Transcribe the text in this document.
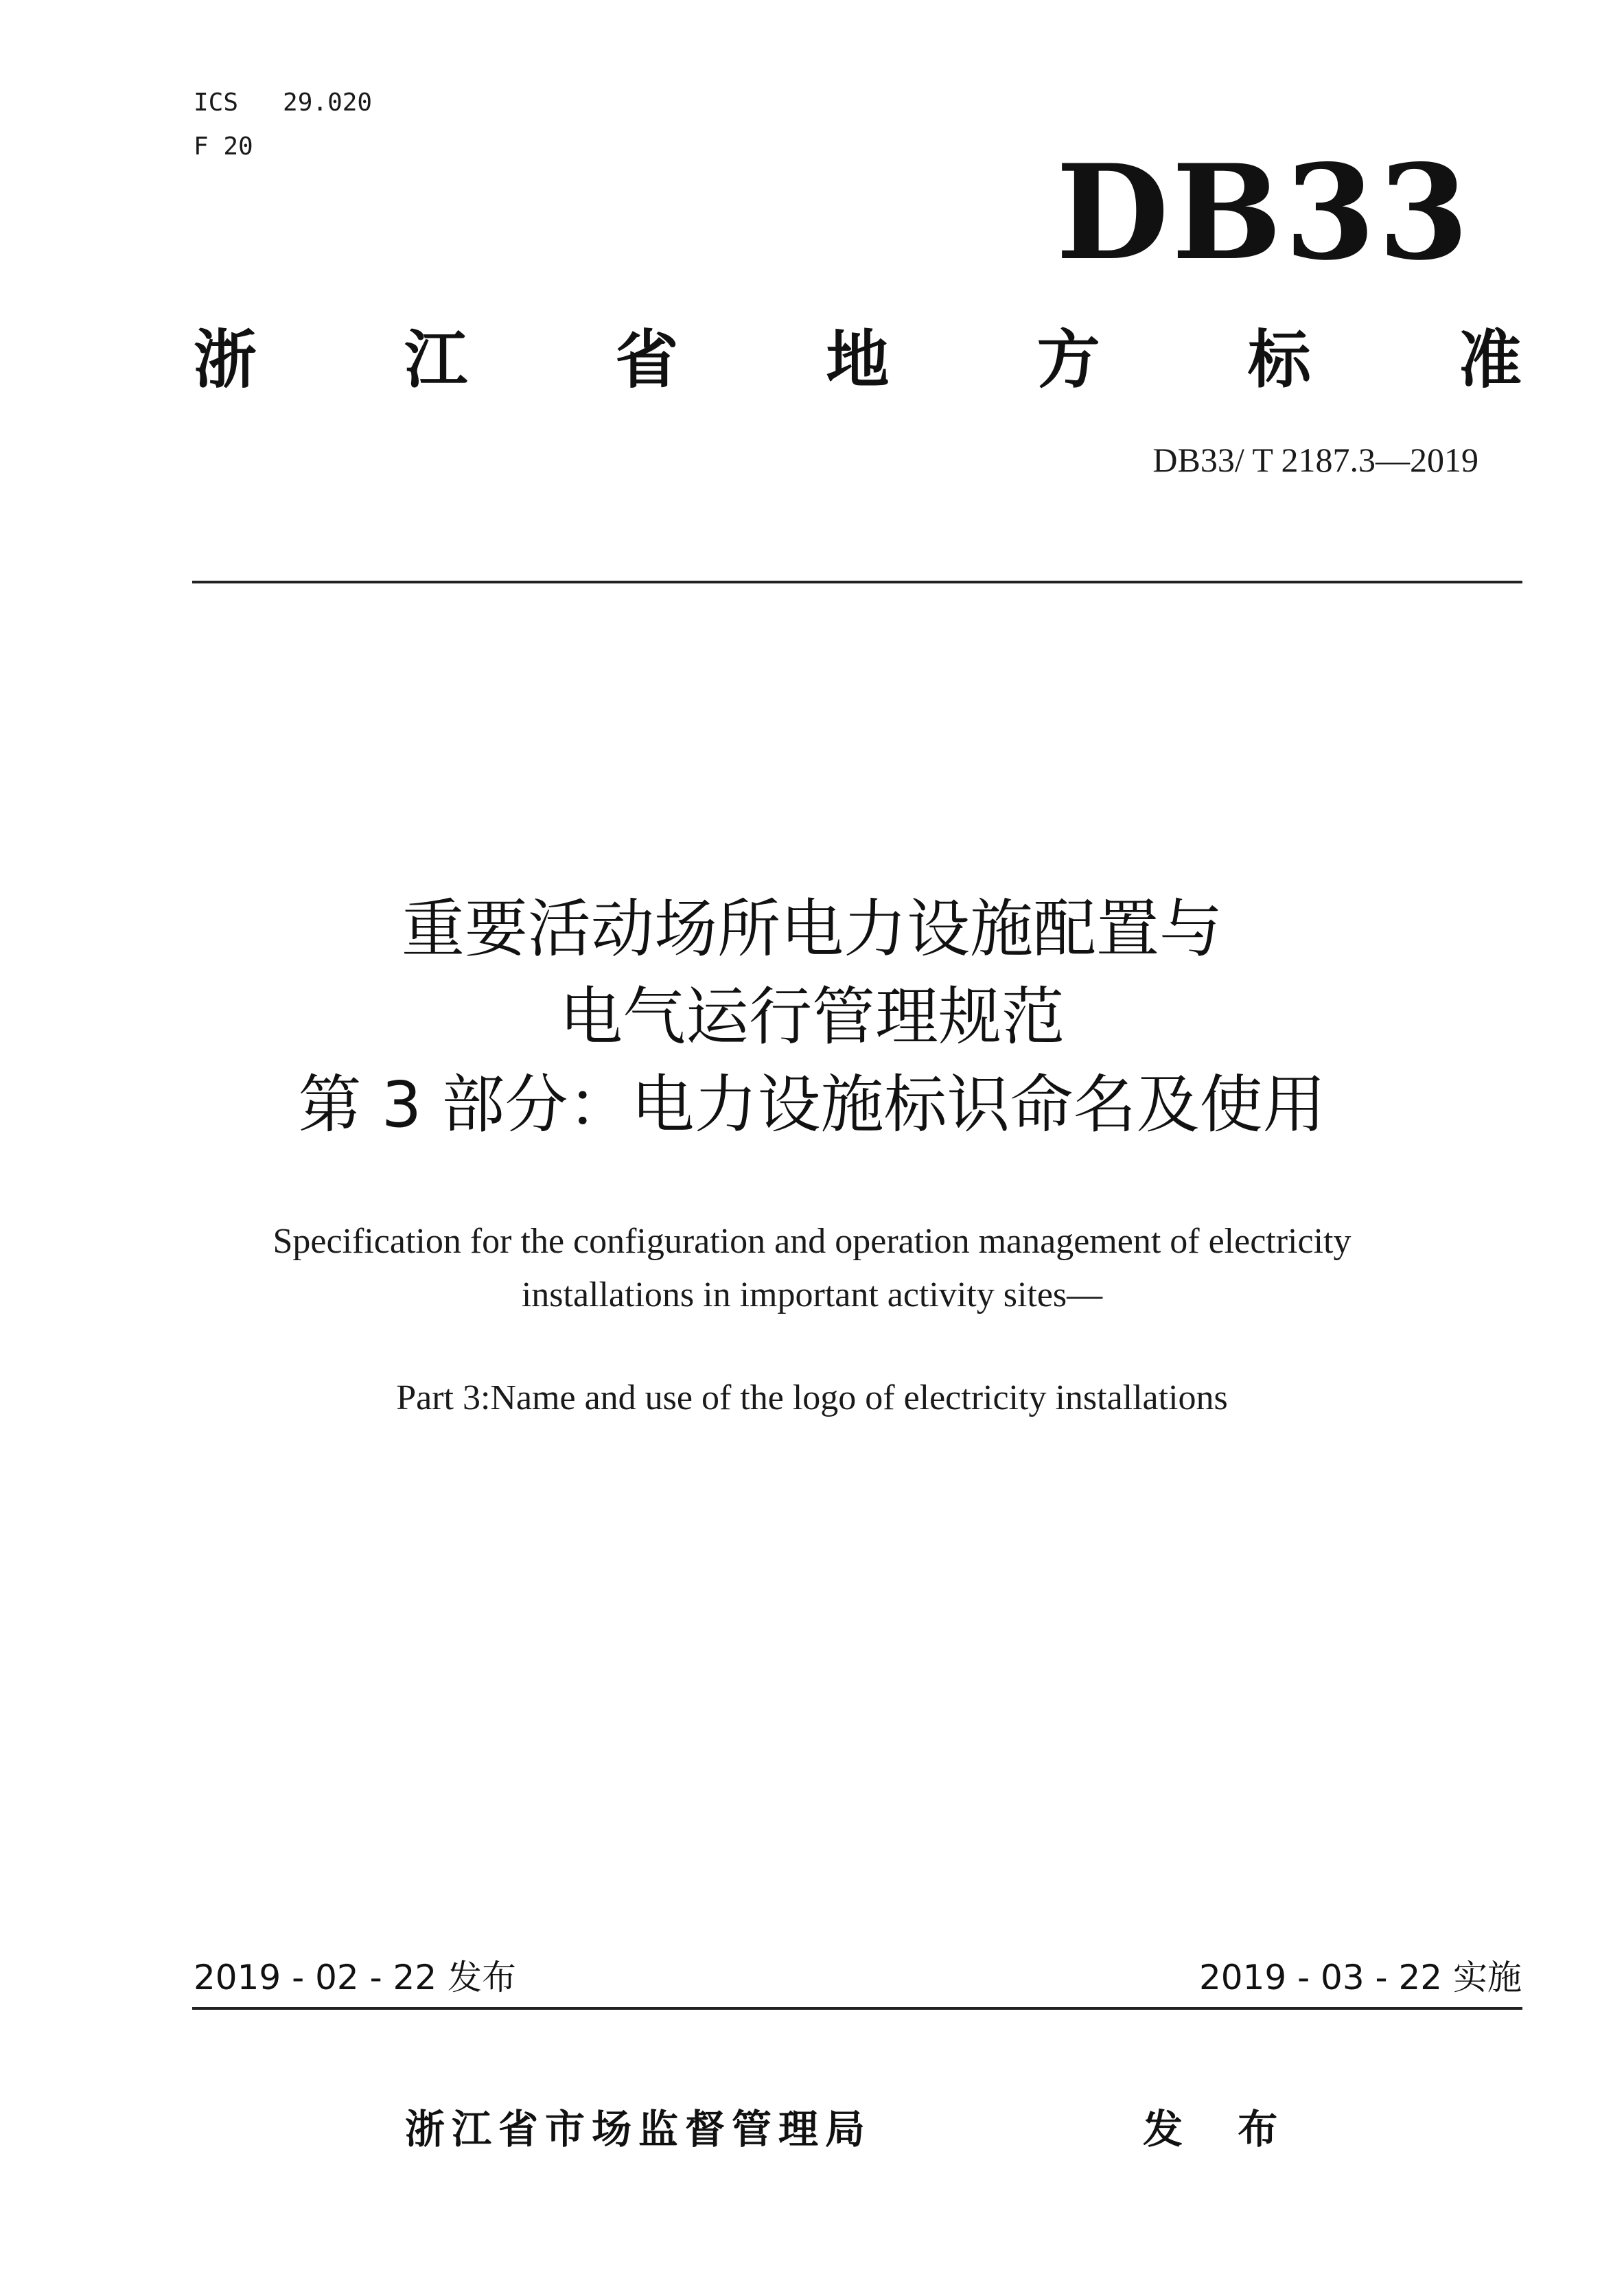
ICS   29.020
F 20	DB33
浙 江 省 地 方 标 准
DB33/ T 2187.3—2019
重要活动场所电力设施配置与
电气运行管理规范
第 3 部分：电力设施标识命名及使用
Specification for the configuration and operation management of electricity
installations in important activity sites—
Part 3:Name and use of the logo of electricity installations
2019 - 02 - 22 发布	2019 - 03 - 22 实施
浙江省市场监督管理局	发 布
